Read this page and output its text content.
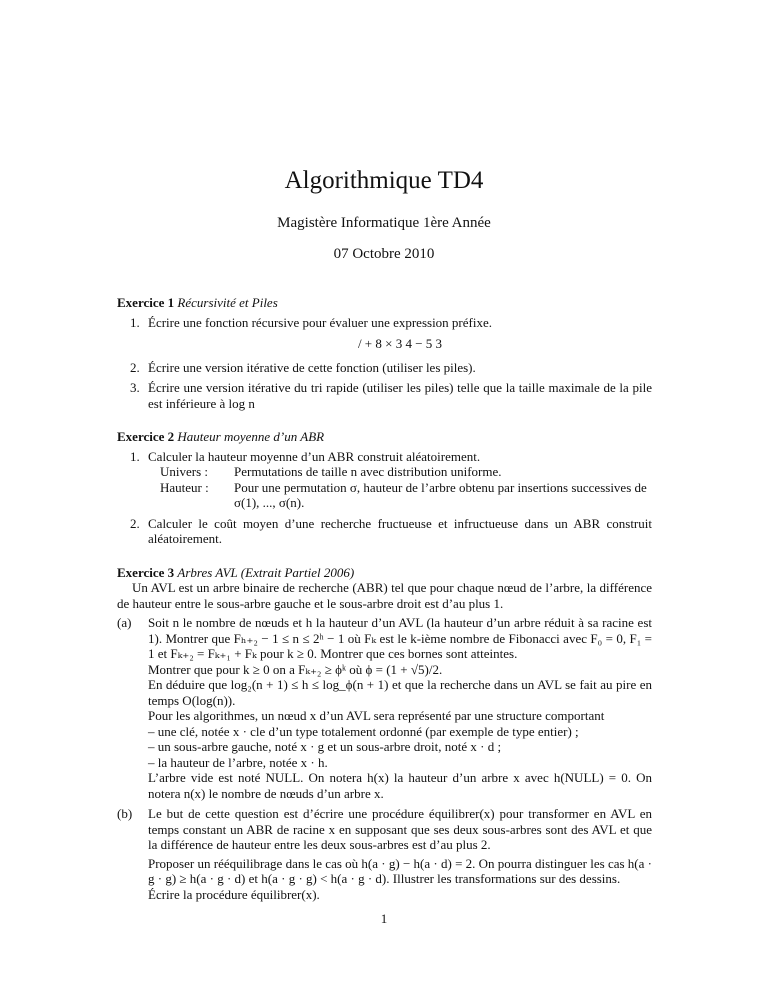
Algorithmique TD4
Magistère Informatique 1ère Année
07 Octobre 2010

Exercice 1 Récursivité et Piles

1. Écrire une fonction récursive pour évaluer une expression préfixe.
/ + 8 × 3 4 − 5 3
2. Écrire une version itérative de cette fonction (utiliser les piles).
3. Écrire une version itérative du tri rapide (utiliser les piles) telle que la taille maximale de la pile est inférieure à log n

Exercice 2 Hauteur moyenne d’un ABR

1. Calculer la hauteur moyenne d’un ABR construit aléatoirement.
Univers :	Permutations de taille n avec distribution uniforme.
Hauteur :	Pour une permutation σ, hauteur de l’arbre obtenu par insertions successives de σ(1), ..., σ(n).
2. Calculer le coût moyen d’une recherche fructueuse et infructueuse dans un ABR construit aléatoirement.

Exercice 3 Arbres AVL (Extrait Partiel 2006)

Un AVL est un arbre binaire de recherche (ABR) tel que pour chaque nœud de l’arbre, la différence de hauteur entre le sous-arbre gauche et le sous-arbre droit est d’au plus 1.

(a) Soit n le nombre de nœuds et h la hauteur d’un AVL (la hauteur d’un arbre réduit à sa racine est 1). Montrer que Fₕ₊₂ − 1 ≤ n ≤ 2ʰ − 1 où Fₖ est le k-ième nombre de Fibonacci avec F₀ = 0, F₁ = 1 et Fₖ₊₂ = Fₖ₊₁ + Fₖ pour k ≥ 0. Montrer que ces bornes sont atteintes.
Montrer que pour k ≥ 0 on a Fₖ₊₂ ≥ ϕᵏ où ϕ = (1 + √5)/2.
En déduire que log₂(n + 1) ≤ h ≤ log_ϕ(n + 1) et que la recherche dans un AVL se fait au pire en temps O(log(n)).
Pour les algorithmes, un nœud x d’un AVL sera représenté par une structure comportant
– une clé, notée x · cle d’un type totalement ordonné (par exemple de type entier) ;
– un sous-arbre gauche, noté x · g et un sous-arbre droit, noté x · d ;
– la hauteur de l’arbre, notée x · h.
L’arbre vide est noté NULL. On notera h(x) la hauteur d’un arbre x avec h(NULL) = 0. On notera n(x) le nombre de nœuds d’un arbre x.
(b) Le but de cette question est d’écrire une procédure équilibrer(x) pour transformer en AVL en temps constant un ABR de racine x en supposant que ses deux sous-arbres sont des AVL et que la différence de hauteur entre les deux sous-arbres est d’au plus 2.
Proposer un rééquilibrage dans le cas où h(a · g) − h(a · d) = 2. On pourra distinguer les cas h(a · g · g) ≥ h(a · g · d) et h(a · g · g) < h(a · g · d). Illustrer les transformations sur des dessins.
Écrire la procédure équilibrer(x).
1
